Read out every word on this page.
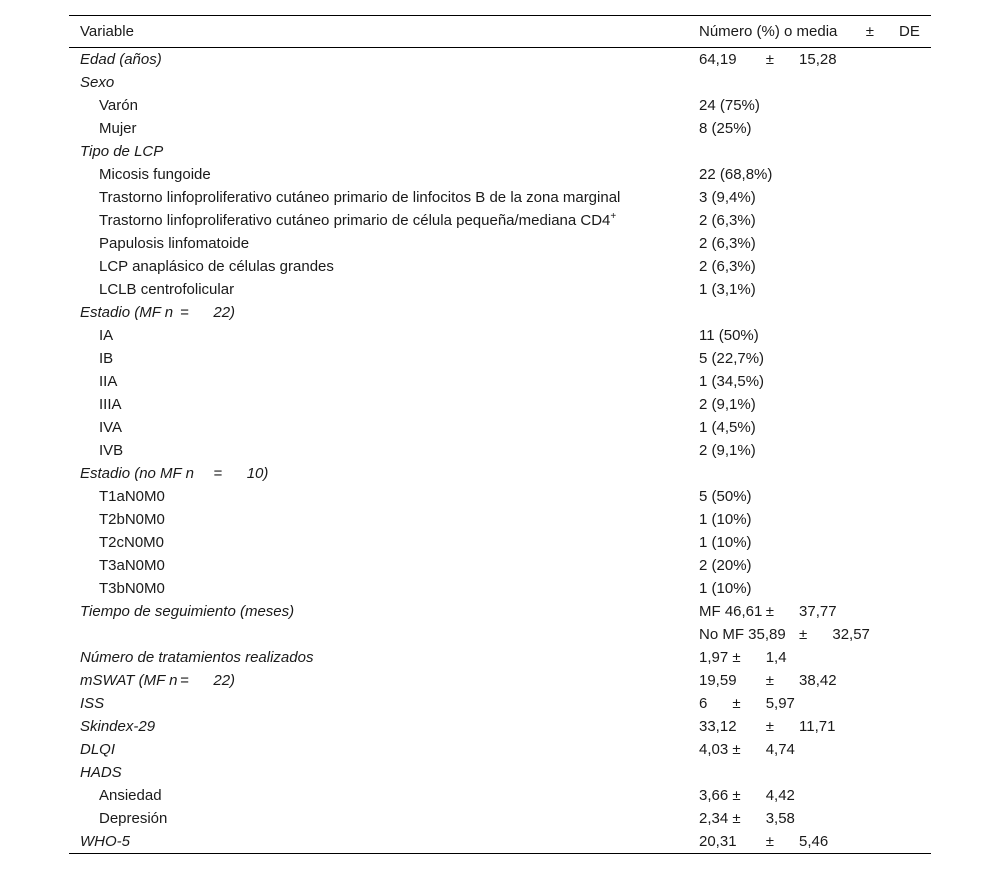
Variable	Número (%) o media	±	DE
Edad (años)	64,19	±	15,28
Sexo	
Varón	24 (75%)
Mujer	8 (25%)
Tipo de LCP	
Micosis fungoide	22 (68,8%)
Trastorno linfoproliferativo cutáneo primario de linfocitos B de la zona marginal	3 (9,4%)
Trastorno linfoproliferativo cutáneo primario de célula pequeña/mediana CD4+	2 (6,3%)
Papulosis linfomatoide	2 (6,3%)
LCP anaplásico de células grandes	2 (6,3%)
LCLB centrofolicular	1 (3,1%)
Estadio (MF n	=	22)	
IA	11 (50%)
IB	5 (22,7%)
IIA	1 (34,5%)
IIIA	2 (9,1%)
IVA	1 (4,5%)
IVB	2 (9,1%)
Estadio (no MF n	=	10)	
T1aN0M0	5 (50%)
T2bN0M0	1 (10%)
T2cN0M0	1 (10%)
T3aN0M0	2 (20%)
T3bN0M0	1 (10%)
Tiempo de seguimiento (meses)	MF 46,61	±	37,77
	No MF 35,89	±	32,57
Número de tratamientos realizados	1,97	±	1,4
mSWAT (MF n	=	22)	19,59	±	38,42
ISS	6	±	5,97
Skindex-29	33,12	±	11,71
DLQI	4,03	±	4,74
HADS	
Ansiedad	3,66	±	4,42
Depresión	2,34	±	3,58
WHO-5	20,31	±	5,46
